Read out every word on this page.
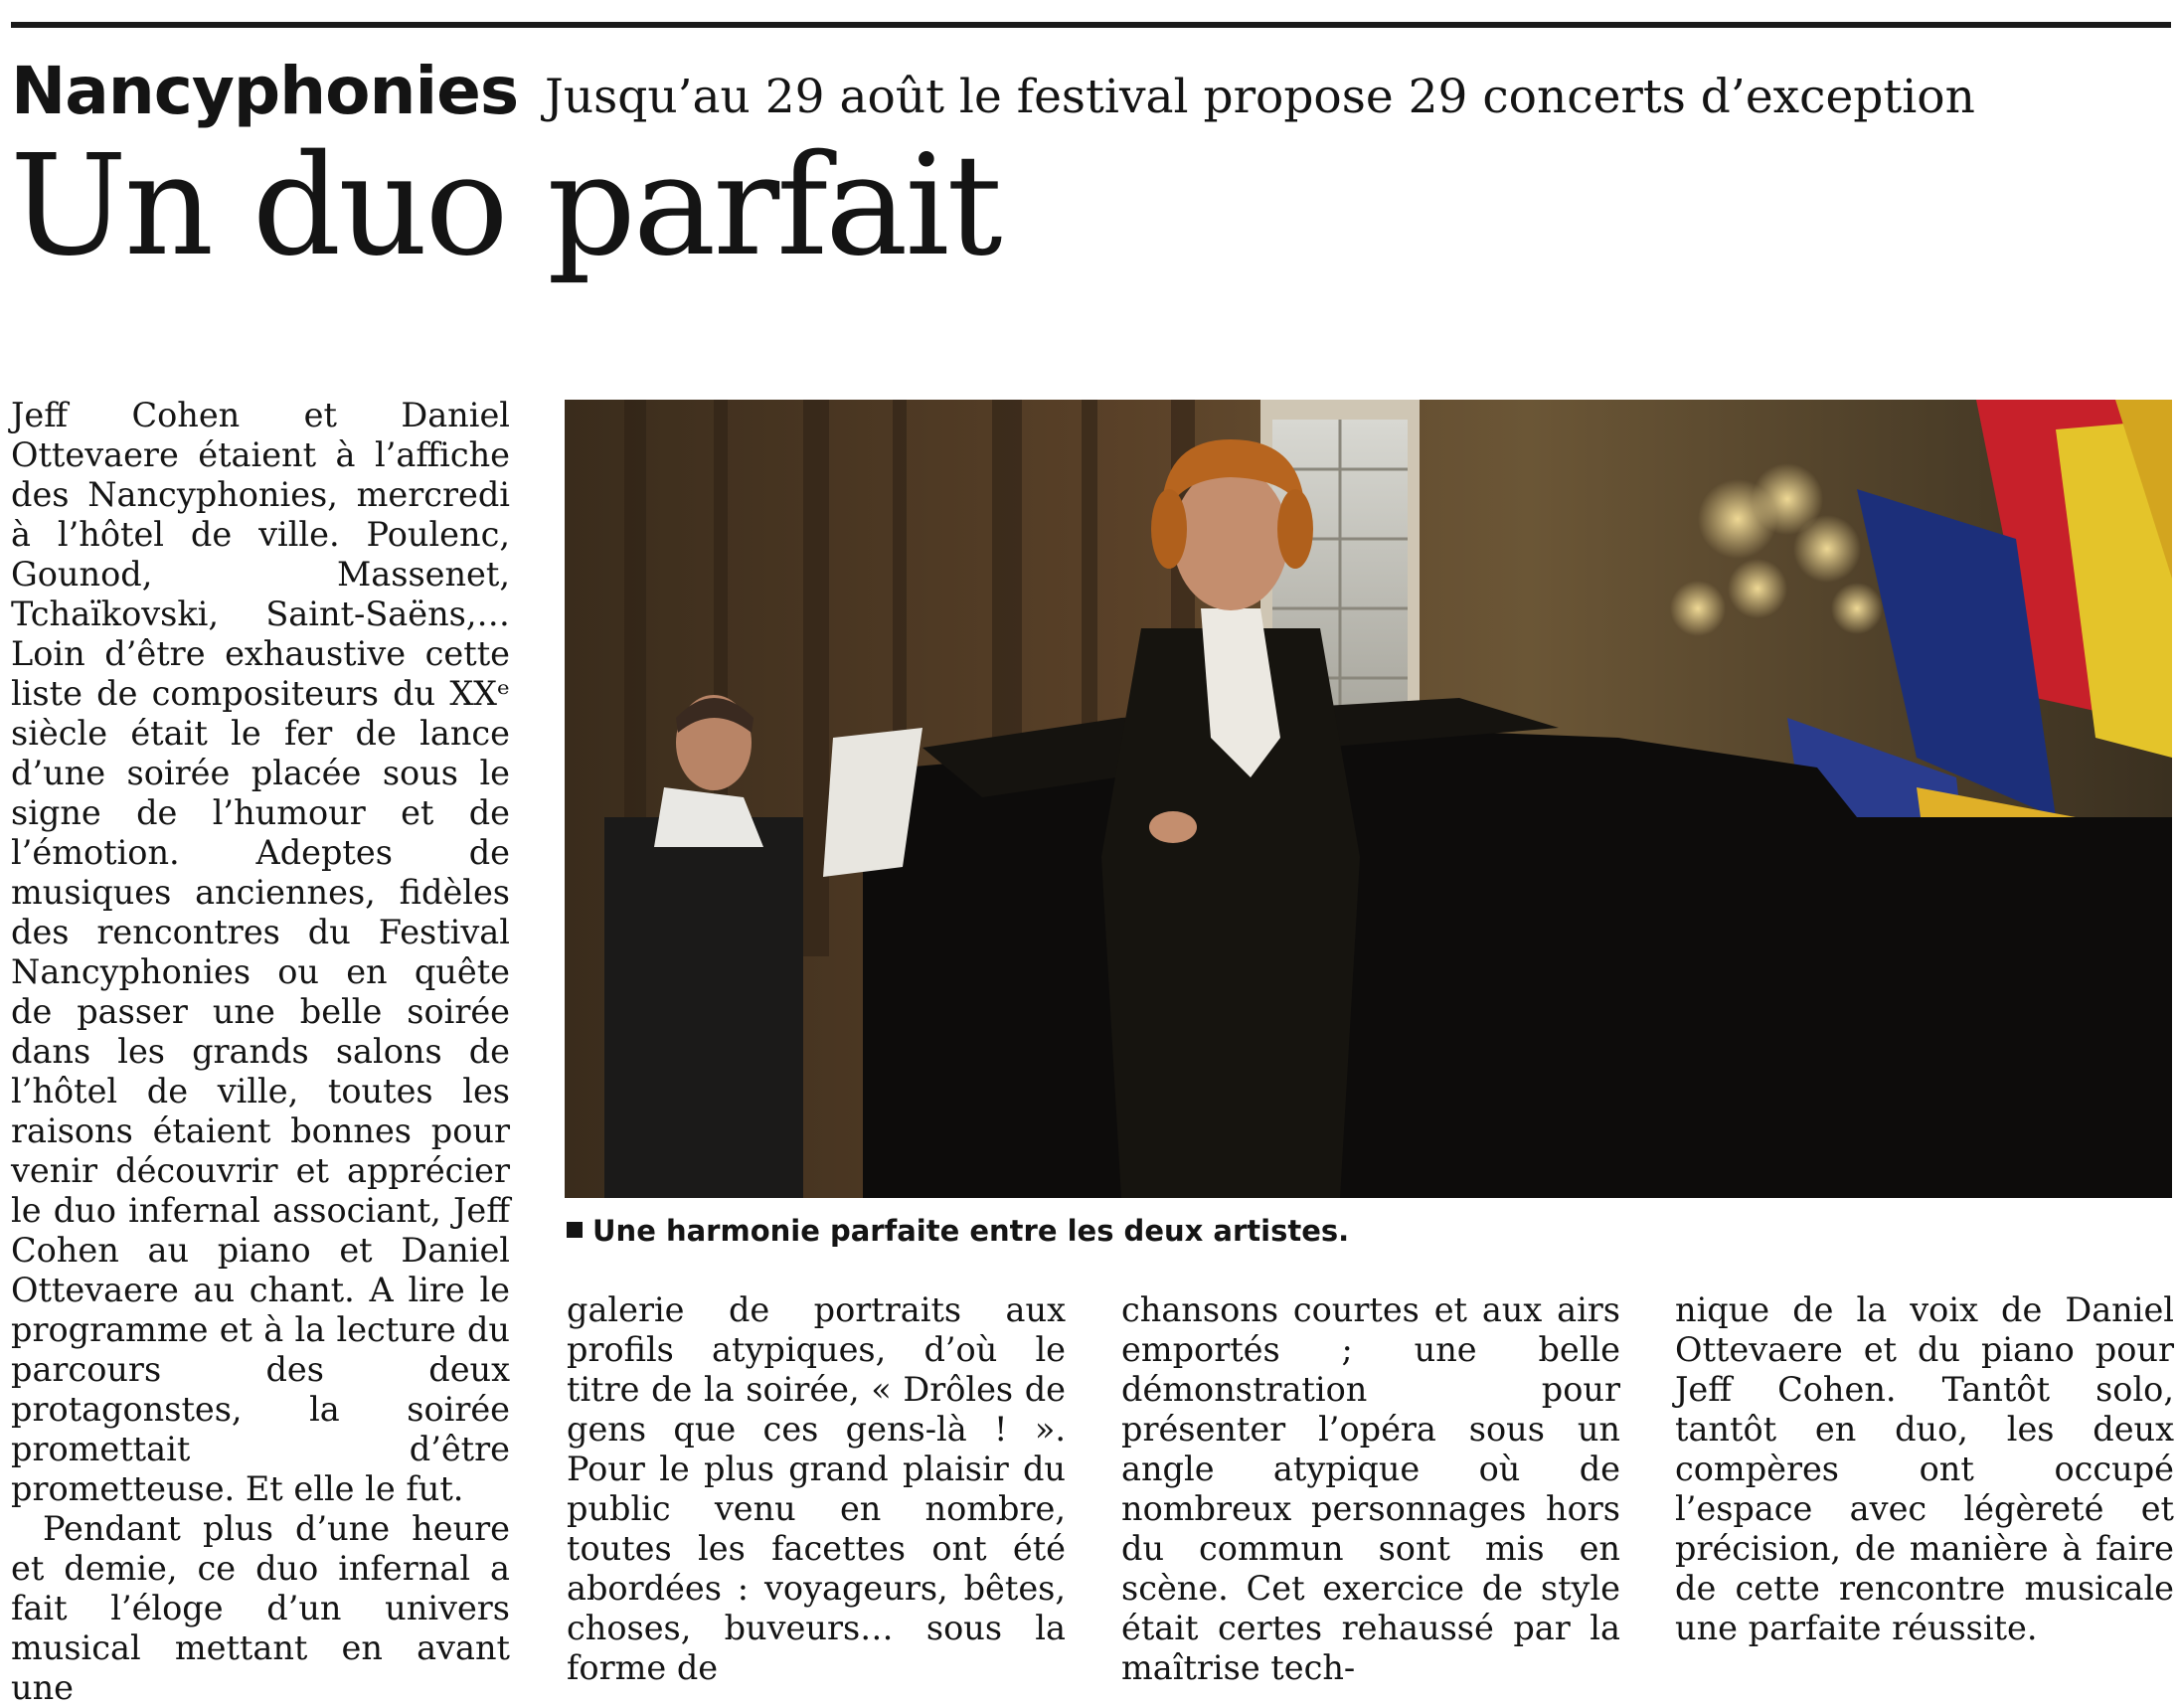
Nancyphonies Jusqu’au 29 août le festival propose 29 concerts d’exception
Un duo parfait

Jeff Cohen et Daniel Ottevaere étaient à l’affiche des Nancyphonies, mercredi à l’hôtel de ville. Poulenc, Gounod, Massenet, Tchaïkovski, Saint-Saëns,… Loin d’être exhaustive cette liste de compositeurs du XXᵉ siècle était le fer de lance d’une soirée placée sous le signe de l’humour et de l’émotion. Adeptes de musiques anciennes, fidèles des rencontres du Festival Nancyphonies ou en quête de passer une belle soirée dans les grands salons de l’hôtel de ville, toutes les raisons étaient bonnes pour venir découvrir et apprécier le duo infernal associant, Jeff Cohen au piano et Daniel Ottevaere au chant. A lire le programme et à la lecture du parcours des deux protagonstes, la soirée promettait d’être prometteuse. Et elle le fut.

Pendant plus d’une heure et demie, ce duo infernal a fait l’éloge d’un univers musical mettant en avant une

Une harmonie parfaite entre les deux artistes.

galerie de portraits aux profils atypiques, d’où le titre de la soirée, « Drôles de gens que ces gens-là ! ». Pour le plus grand plaisir du public venu en nombre, toutes les facettes ont été abordées : voyageurs, bêtes, choses, buveurs… sous la forme de

chansons courtes et aux airs emportés ; une belle démonstration pour présenter l’opéra sous un angle atypique où de nombreux personnages hors du commun sont mis en scène. Cet exercice de style était certes rehaussé par la maîtrise tech-

nique de la voix de Daniel Ottevaere et du piano pour Jeff Cohen. Tantôt solo, tantôt en duo, les deux compères ont occupé l’espace avec légèreté et précision, de manière à faire de cette rencontre musicale une parfaite réussite.
